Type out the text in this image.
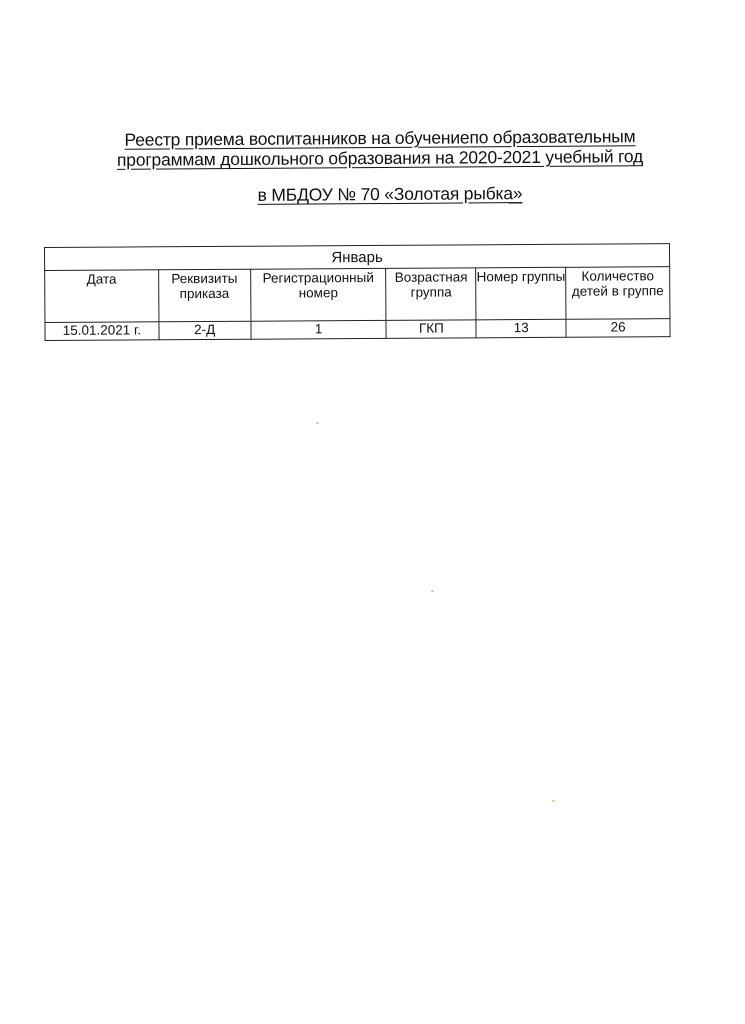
Реестр приема воспитанников на обучениепо образовательным
программам дошкольного образования на 2020-2021 учебный год
в МБДОУ № 70 «Золотая рыбка»
Январь					
Дата	Реквизиты приказа	Регистрационный номер	Возрастная группа	Номер группы	Количество детей в группе
15.01.2021 г.	2-Д	1	ГКП	13	26
